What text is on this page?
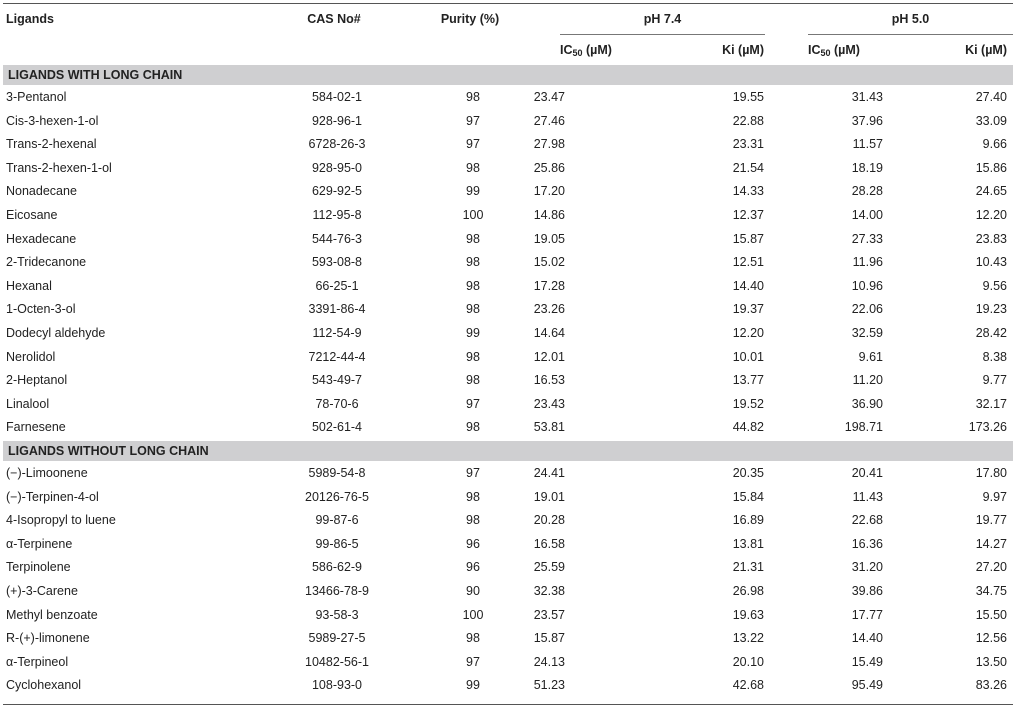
Ligands	CAS No#	Purity (%)	pH 7.4	pH 5.0
$IC_{50}$ (µM)	Ki (µM)	$IC_{50}$ (µM)	Ki (µM)
LIGANDS WITH LONG CHAIN
3-Pentanol	584-02-1	98	23.47	19.55	31.43	27.40
Cis-3-hexen-1-ol	928-96-1	97	27.46	22.88	37.96	33.09
Trans-2-hexenal	6728-26-3	97	27.98	23.31	11.57	9.66
Trans-2-hexen-1-ol	928-95-0	98	25.86	21.54	18.19	15.86
Nonadecane	629-92-5	99	17.20	14.33	28.28	24.65
Eicosane	112-95-8	100	14.86	12.37	14.00	12.20
Hexadecane	544-76-3	98	19.05	15.87	27.33	23.83
2-Tridecanone	593-08-8	98	15.02	12.51	11.96	10.43
Hexanal	66-25-1	98	17.28	14.40	10.96	9.56
1-Octen-3-ol	3391-86-4	98	23.26	19.37	22.06	19.23
Dodecyl aldehyde	112-54-9	99	14.64	12.20	32.59	28.42
Nerolidol	7212-44-4	98	12.01	10.01	9.61	8.38
2-Heptanol	543-49-7	98	16.53	13.77	11.20	9.77
Linalool	78-70-6	97	23.43	19.52	36.90	32.17
Farnesene	502-61-4	98	53.81	44.82	198.71	173.26
LIGANDS WITHOUT LONG CHAIN
(−)-Limoonene	5989-54-8	97	24.41	20.35	20.41	17.80
(−)-Terpinen-4-ol	20126-76-5	98	19.01	15.84	11.43	9.97
4-Isopropyl to luene	99-87-6	98	20.28	16.89	22.68	19.77
α-Terpinene	99-86-5	96	16.58	13.81	16.36	14.27
Terpinolene	586-62-9	96	25.59	21.31	31.20	27.20
(+)-3-Carene	13466-78-9	90	32.38	26.98	39.86	34.75
Methyl benzoate	93-58-3	100	23.57	19.63	17.77	15.50
R-(+)-limonene	5989-27-5	98	15.87	13.22	14.40	12.56
α-Terpineol	10482-56-1	97	24.13	20.10	15.49	13.50
Cyclohexanol	108-93-0	99	51.23	42.68	95.49	83.26
